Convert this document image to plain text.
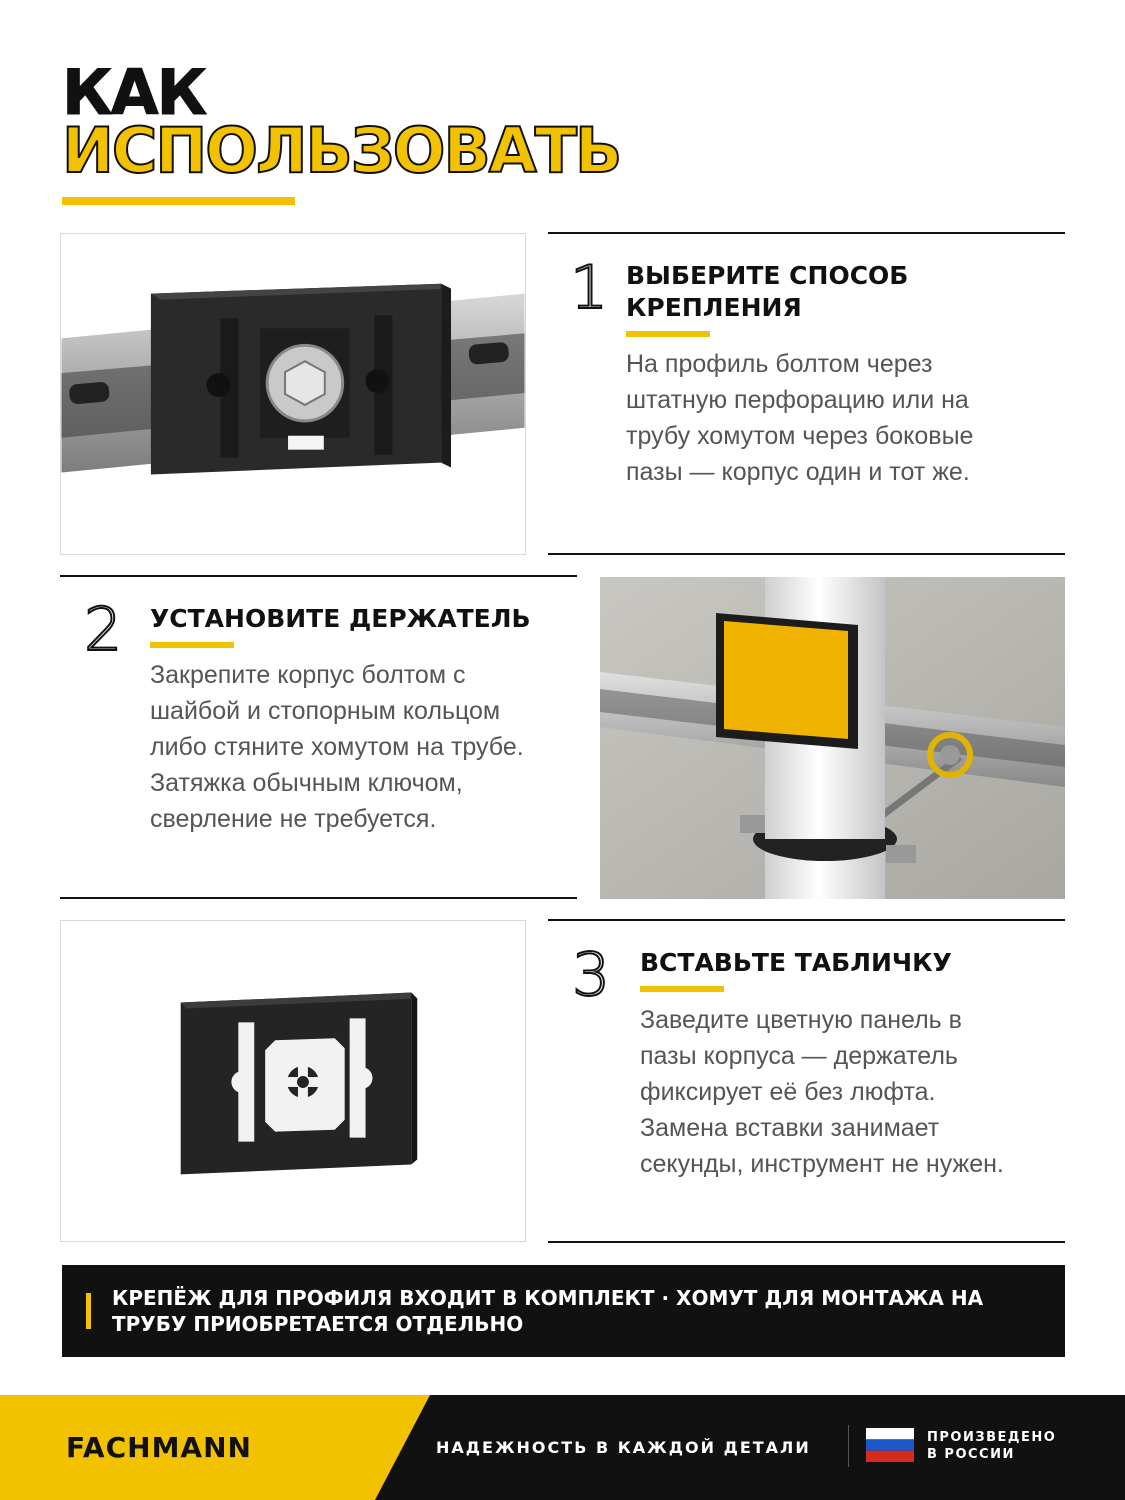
КАК
ИСПОЛЬЗОВАТЬ
1 ВЫБЕРИТЕ СПОСОБ
КРЕПЛЕНИЯ
На профиль болтом через
штатную перфорацию или на
трубу хомутом через боковые
пазы — корпус один и тот же.
2 УСТАНОВИТЕ ДЕРЖАТЕЛЬ
Закрепите корпус болтом с
шайбой и стопорным кольцом
либо стяните хомутом на трубе.
Затяжка обычным ключом,
сверление не требуется.
3 ВСТАВЬТЕ ТАБЛИЧКУ
Заведите цветную панель в
пазы корпуса — держатель
фиксирует её без люфта.
Замена вставки занимает
секунды, инструмент не нужен.
КРЕПЁЖ ДЛЯ ПРОФИЛЯ ВХОДИТ В КОМПЛЕКТ · ХОМУТ ДЛЯ МОНТАЖА НА
ТРУБУ ПРИОБРЕТАЕТСЯ ОТДЕЛЬНО
FACHMANN	НАДЕЖНОСТЬ В КАЖДОЙ ДЕТАЛИ
ПРОИЗВЕДЕНО
В РОССИИ
